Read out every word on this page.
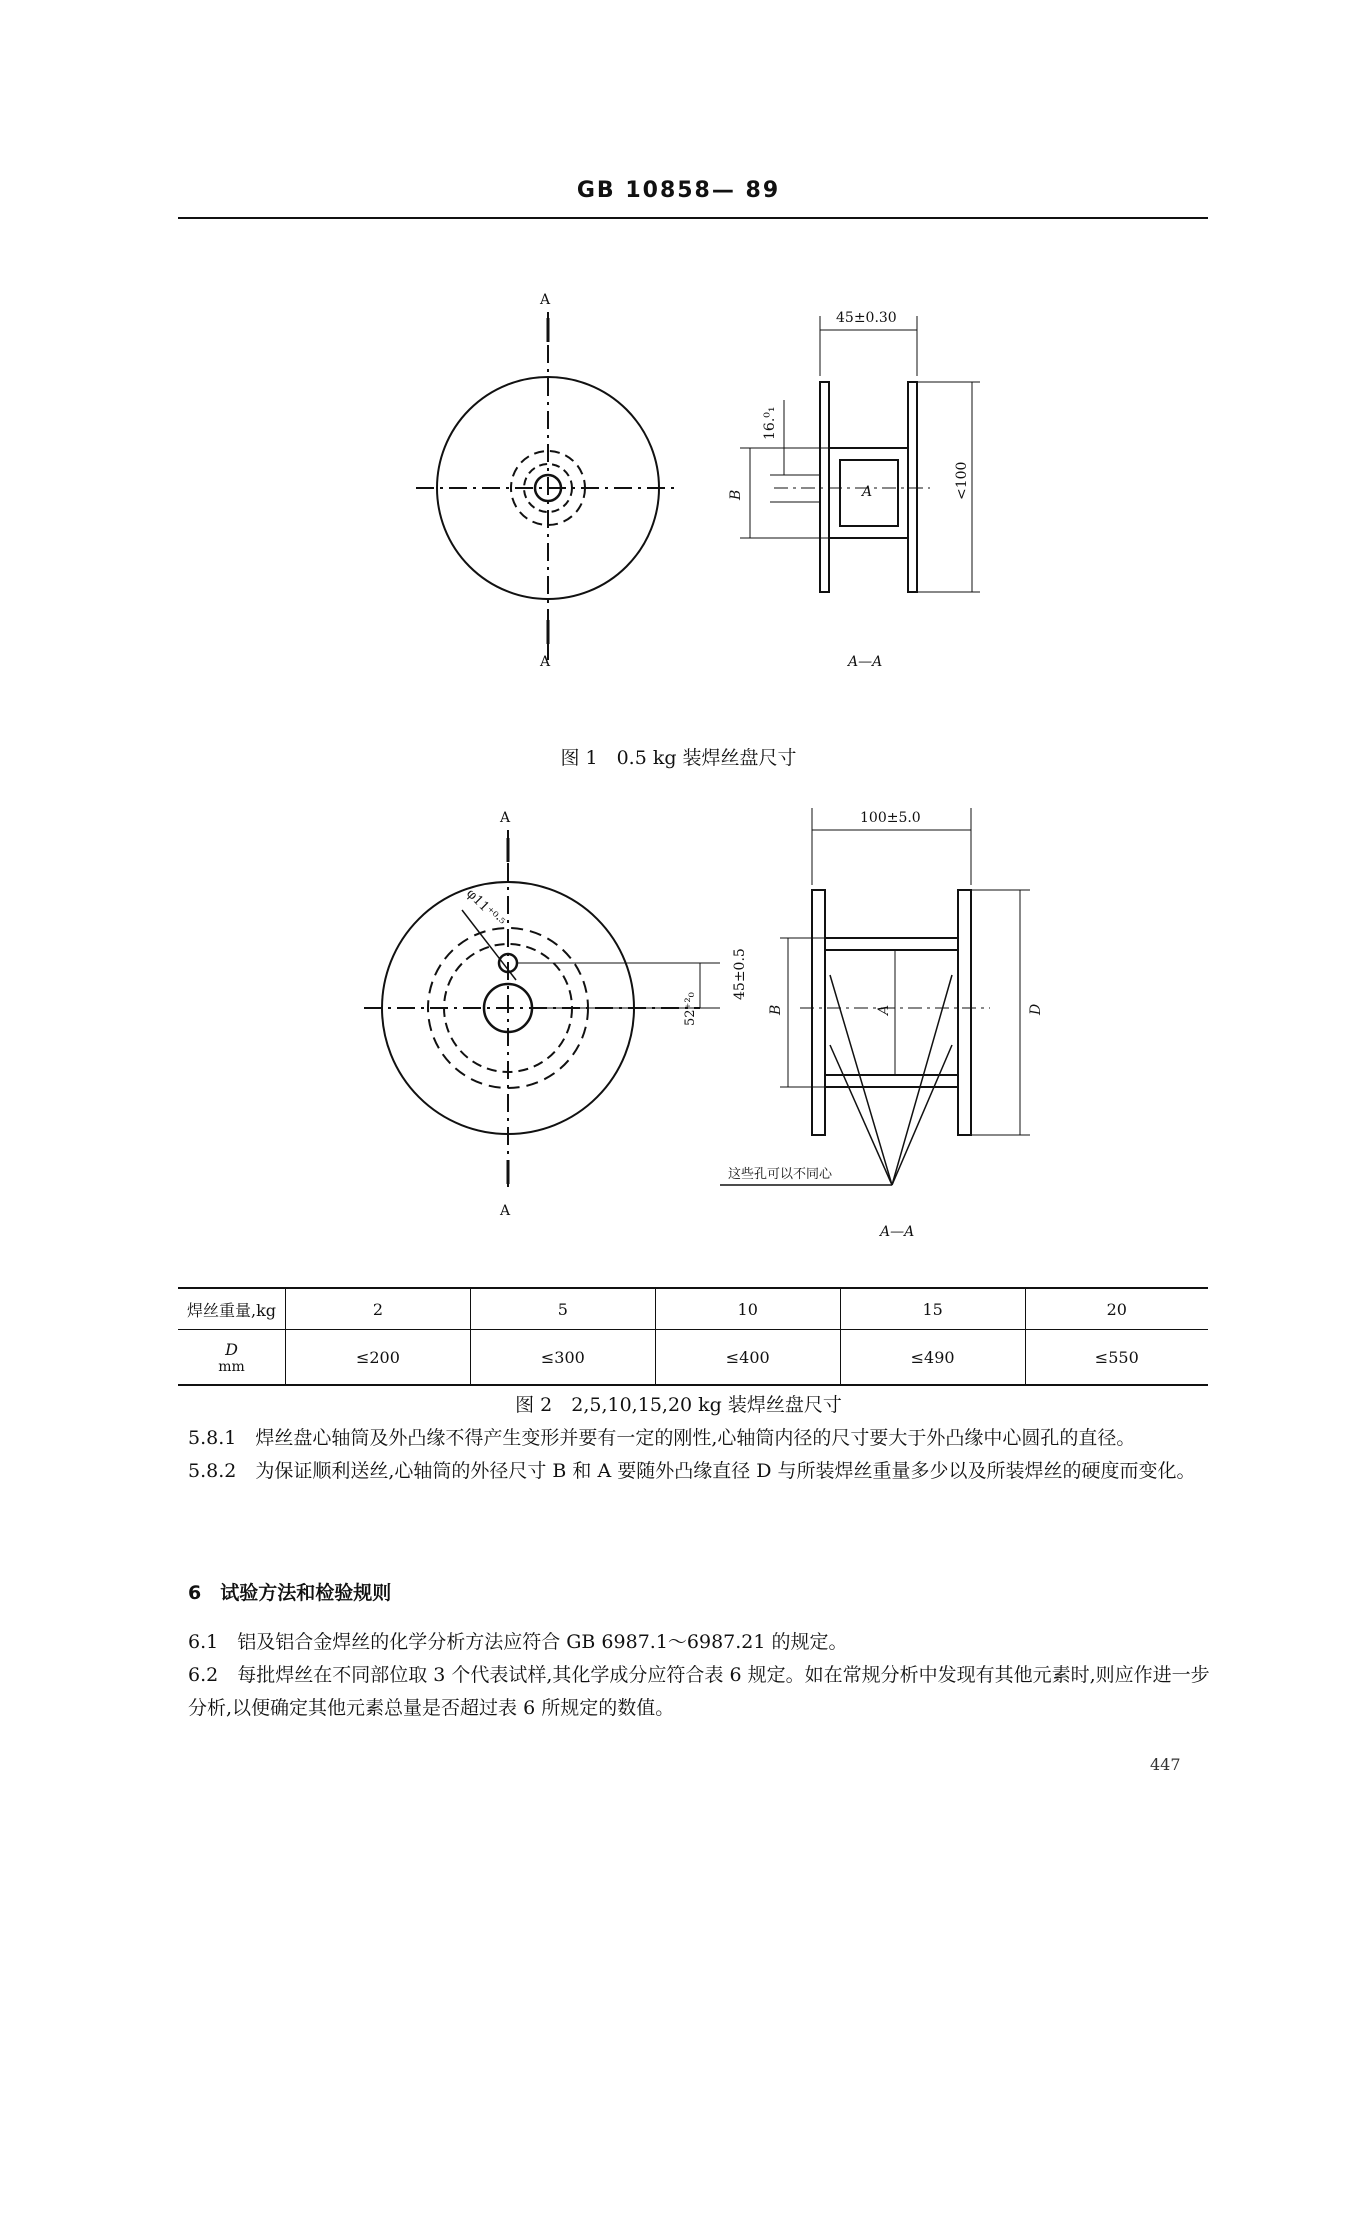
GB 10858— 89
A
A
45±0.30
16.⁰₁
B	A	<100
A—A
图 1　0.5 kg 装焊丝盘尺寸
A
A
φ11⁺⁰·⁵
45±0.5
52⁺²₀
100±5.0
B	A	D
这些孔可以不同心
A—A
焊丝重量,kg	2	5	10	15	20

D
mm	≤200	≤300	≤400	≤490	≤550
图 2　2,5,10,15,20 kg 装焊丝盘尺寸

5.8.1　焊丝盘心轴筒及外凸缘不得产生变形并要有一定的刚性,心轴筒内径的尺寸要大于外凸缘中心圆孔的直径。

5.8.2　为保证顺利送丝,心轴筒的外径尺寸 B 和 A 要随外凸缘直径 D 与所装焊丝重量多少以及所装焊丝的硬度而变化。

6　试验方法和检验规则

6.1　铝及铝合金焊丝的化学分析方法应符合 GB 6987.1～6987.21 的规定。

6.2　每批焊丝在不同部位取 3 个代表试样,其化学成分应符合表 6 规定。如在常规分析中发现有其他元素时,则应作进一步分析,以便确定其他元素总量是否超过表 6 所规定的数值。

447
